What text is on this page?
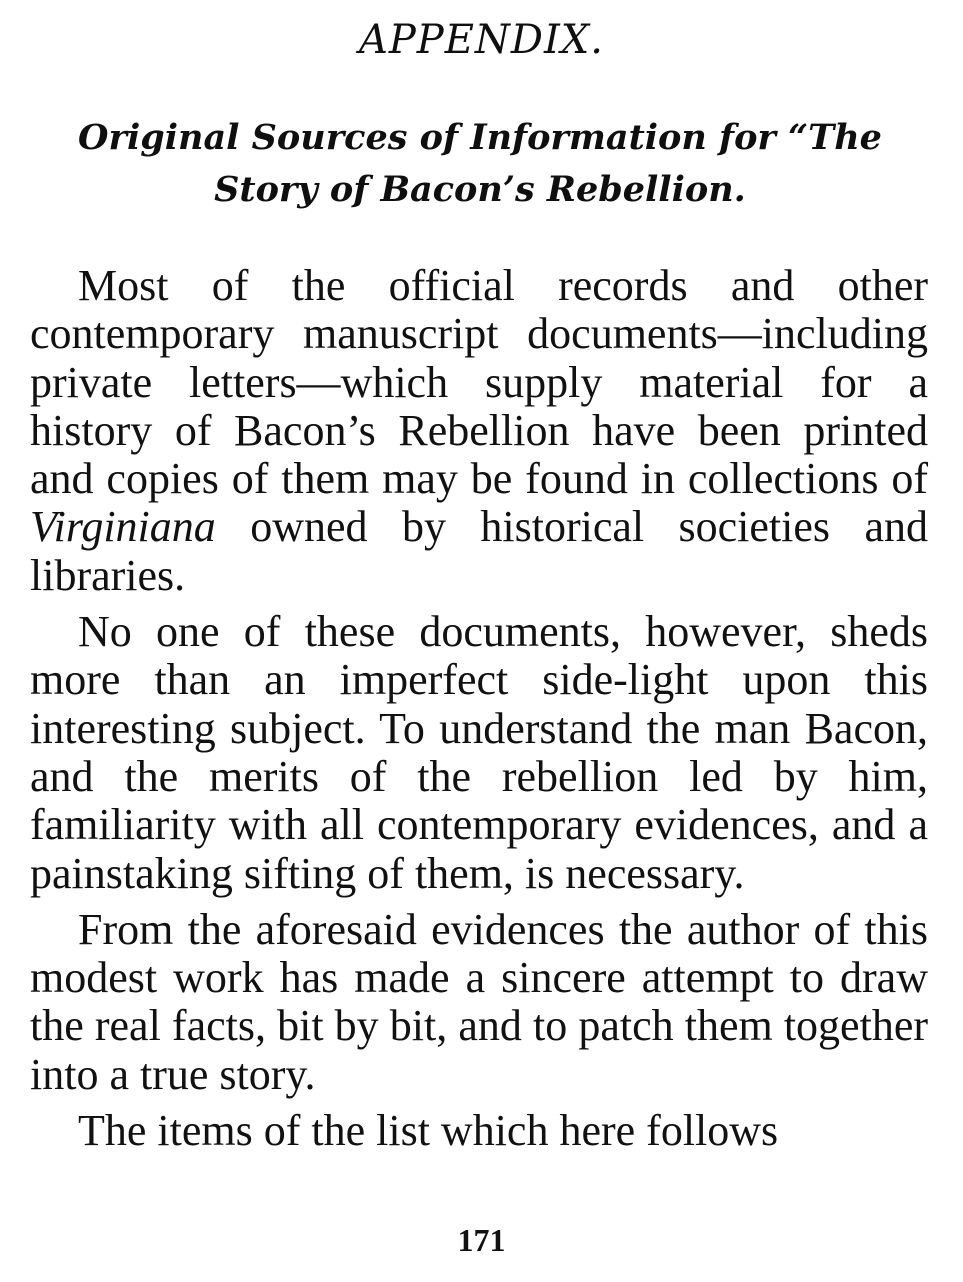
APPENDIX.
Original Sources of Information for “The Story of Bacon’s Rebellion.

Most of the official records and other contemporary manuscript documents—including private letters—which supply material for a history of Bacon’s Rebellion have been printed and copies of them may be found in collections of Virginiana owned by historical societies and libraries.

No one of these documents, however, sheds more than an imperfect side-light upon this interesting subject. To understand the man Bacon, and the merits of the rebellion led by him, familiarity with all contemporary evidences, and a painstaking sifting of them, is necessary.

From the aforesaid evidences the author of this modest work has made a sincere attempt to draw the real facts, bit by bit, and to patch them together into a true story.

The items of the list which here follows

171
